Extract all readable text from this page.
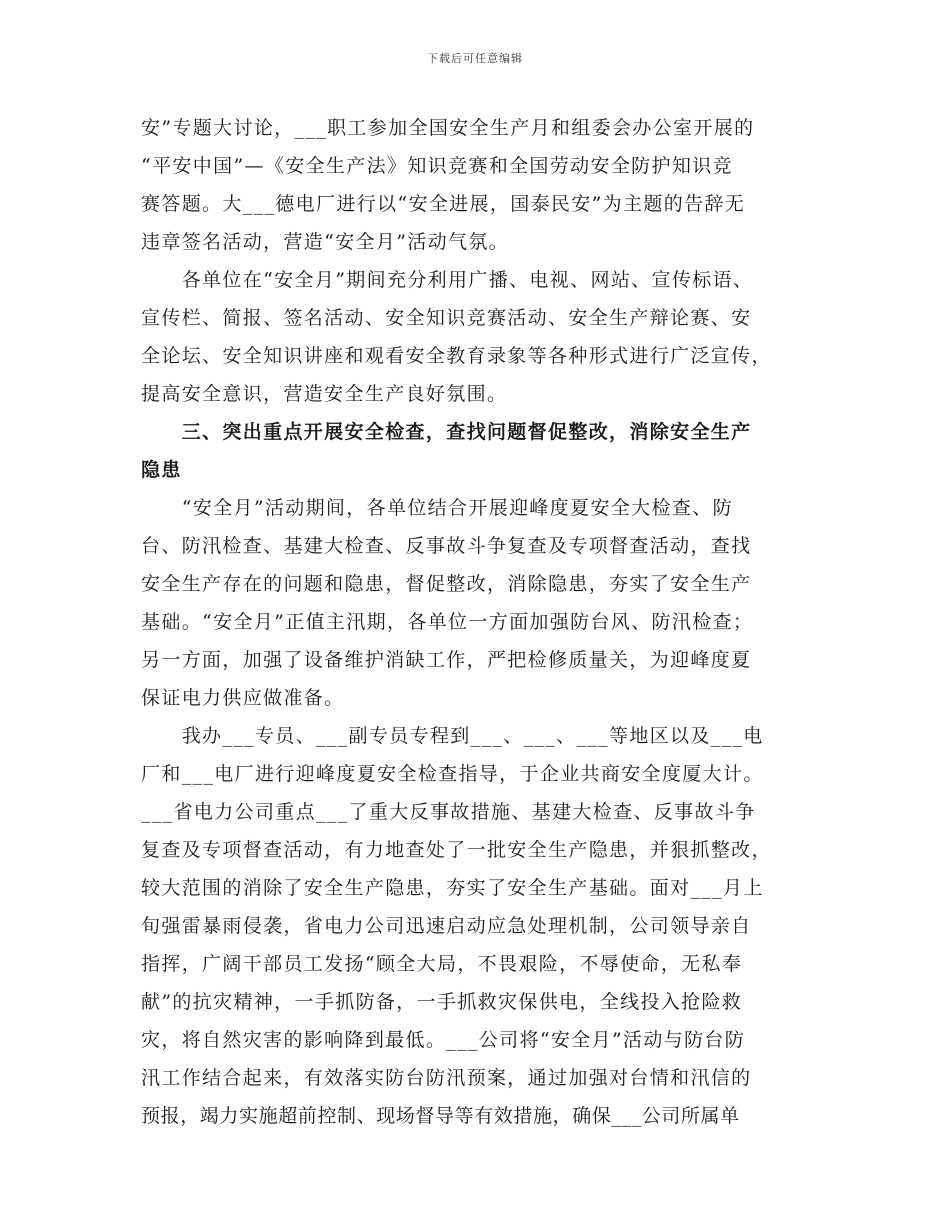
下载后可任意编辑
安”专题大讨论，___职工参加全国安全生产月和组委会办公室开展的
“平安中国”—《安全生产法》知识竞赛和全国劳动安全防护知识竞
赛答题。大___德电厂进行以“安全进展，国泰民安”为主题的告辞无
违章签名活动，营造“安全月”活动气氛。
　　各单位在“安全月”期间充分利用广播、电视、网站、宣传标语、
宣传栏、简报、签名活动、安全知识竞赛活动、安全生产辩论赛、安
全论坛、安全知识讲座和观看安全教育录象等各种形式进行广泛宣传，
提高安全意识，营造安全生产良好氛围。
　　三、突出重点开展安全检查，查找问题督促整改，消除安全生产
隐患
　　“安全月”活动期间，各单位结合开展迎峰度夏安全大检查、防
台、防汛检查、基建大检查、反事故斗争复查及专项督查活动，查找
安全生产存在的问题和隐患，督促整改，消除隐患，夯实了安全生产
基础。“安全月”正值主汛期，各单位一方面加强防台风、防汛检查；
另一方面，加强了设备维护消缺工作，严把检修质量关，为迎峰度夏
保证电力供应做准备。
　　我办___专员、___副专员专程到___、___、___等地区以及___电
厂和___电厂进行迎峰度夏安全检查指导，于企业共商安全度厦大计。
___省电力公司重点___了重大反事故措施、基建大检查、反事故斗争
复查及专项督查活动，有力地查处了一批安全生产隐患，并狠抓整改，
较大范围的消除了安全生产隐患，夯实了安全生产基础。面对___月上
旬强雷暴雨侵袭，省电力公司迅速启动应急处理机制，公司领导亲自
指挥，广阔干部员工发扬“顾全大局，不畏艰险，不辱使命，无私奉
献”的抗灾精神，一手抓防备，一手抓救灾保供电，全线投入抢险救
灾，将自然灾害的影响降到最低。___公司将“安全月”活动与防台防
汛工作结合起来，有效落实防台防汛预案，通过加强对台情和汛信的
预报，竭力实施超前控制、现场督导等有效措施，确保___公司所属单
